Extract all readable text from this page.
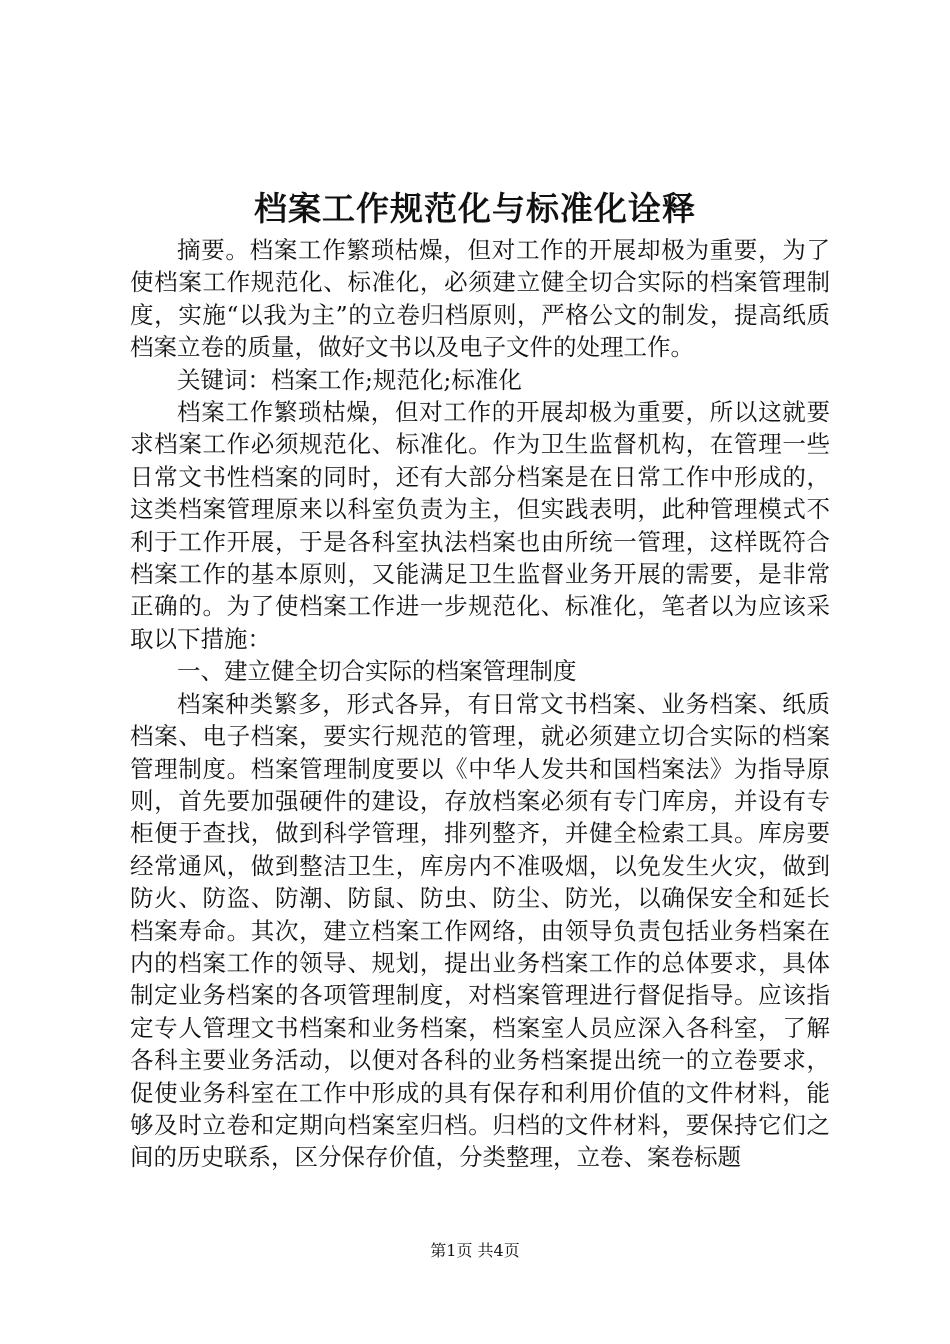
档案工作规范化与标准化诠释

摘要。档案工作繁琐枯燥，但对工作的开展却极为重要，为了使档案工作规范化、标准化，必须建立健全切合实际的档案管理制度，实施“以我为主”的立卷归档原则，严格公文的制发，提高纸质档案立卷的质量，做好文书以及电子文件的处理工作。

关键词：档案工作;规范化;标准化

档案工作繁琐枯燥，但对工作的开展却极为重要，所以这就要求档案工作必须规范化、标准化。作为卫生监督机构，在管理一些日常文书性档案的同时，还有大部分档案是在日常工作中形成的，这类档案管理原来以科室负责为主，但实践表明，此种管理模式不利于工作开展，于是各科室执法档案也由所统一管理，这样既符合档案工作的基本原则，又能满足卫生监督业务开展的需要，是非常正确的。为了使档案工作进一步规范化、标准化，笔者以为应该采取以下措施：

一、建立健全切合实际的档案管理制度

档案种类繁多，形式各异，有日常文书档案、业务档案、纸质档案、电子档案，要实行规范的管理，就必须建立切合实际的档案管理制度。档案管理制度要以《中华人发共和国档案法》为指导原则，首先要加强硬件的建设，存放档案必须有专门库房，并设有专柜便于查找，做到科学管理，排列整齐，并健全检索工具。库房要经常通风，做到整洁卫生，库房内不准吸烟，以免发生火灾，做到防火、防盗、防潮、防鼠、防虫、防尘、防光，以确保安全和延长档案寿命。其次，建立档案工作网络，由领导负责包括业务档案在内的档案工作的领导、规划，提出业务档案工作的总体要求，具体制定业务档案的各项管理制度，对档案管理进行督促指导。应该指定专人管理文书档案和业务档案，档案室人员应深入各科室，了解各科主要业务活动，以便对各科的业务档案提出统一的立卷要求，促使业务科室在工作中形成的具有保存和利用价值的文件材料，能够及时立卷和定期向档案室归档。归档的文件材料，要保持它们之间的历史联系，区分保存价值，分类整理，立卷、案卷标题

第1页 共4页
